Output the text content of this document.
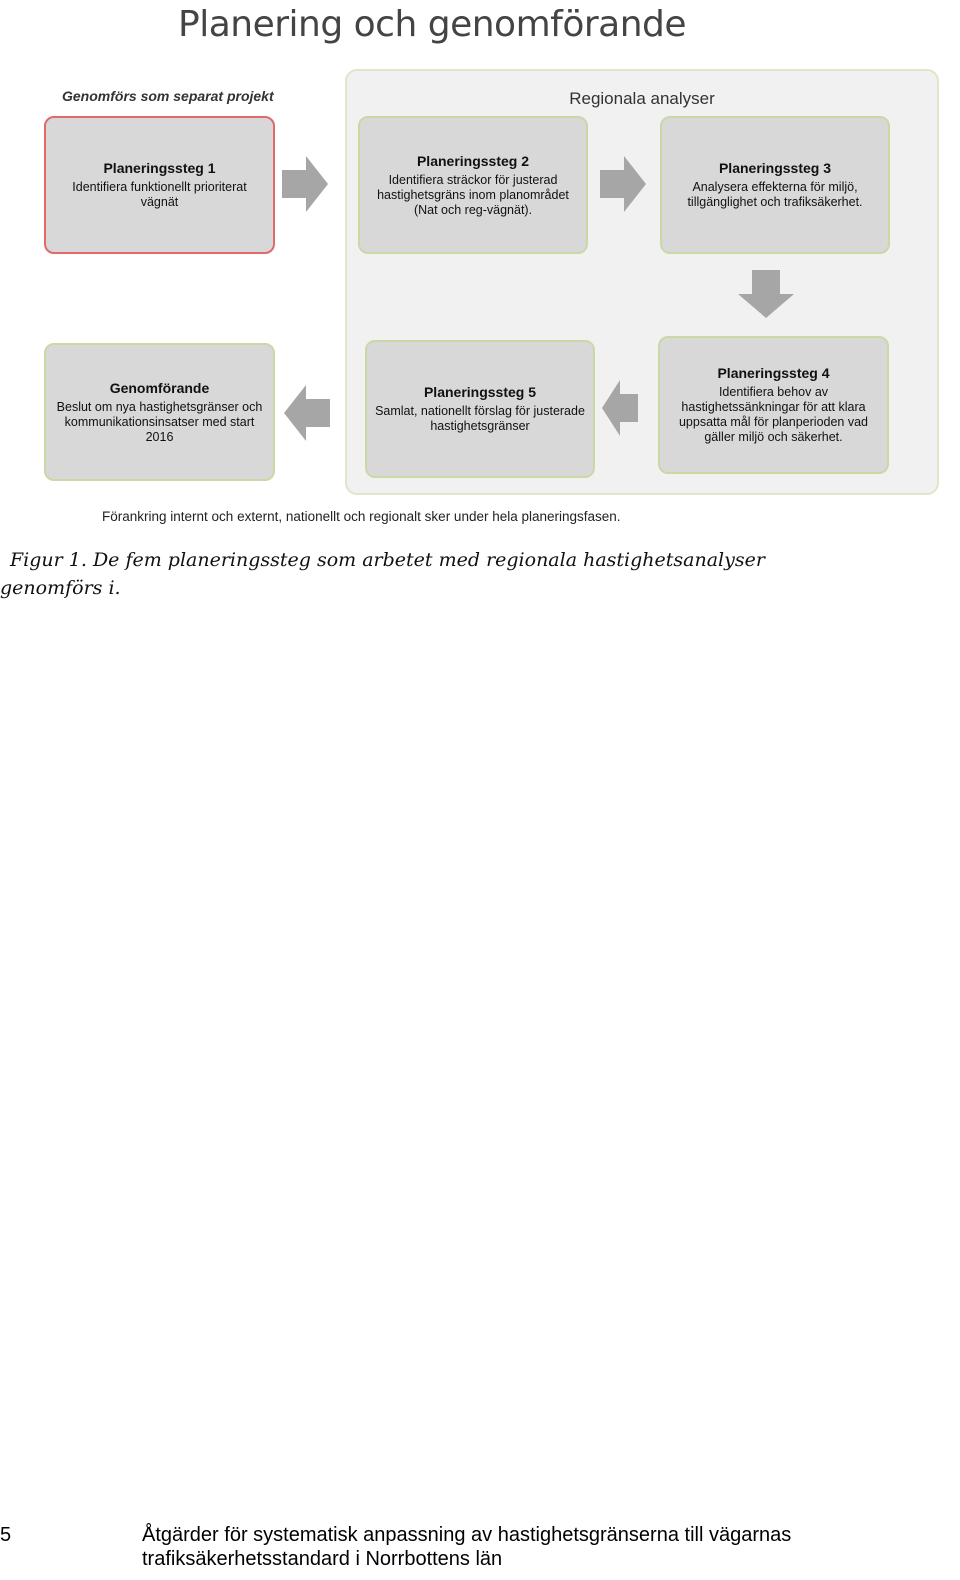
Planering och genomförande
Genomförs som separat projekt	Regionala analyser
Planeringssteg 1
Identifiera funktionellt prioriterat vägnät
Planeringssteg 2
Identifiera sträckor för justerad hastighetsgräns inom planområdet (Nat och reg-vägnät).
Planeringssteg 3
Analysera effekterna för miljö, tillgänglighet och trafiksäkerhet.
Planeringssteg 4
Identifiera behov av hastighetssänkningar för att klara uppsatta mål för planperioden vad gäller miljö och säkerhet.
Planeringssteg 5
Samlat, nationellt förslag för justerade hastighetsgränser
Genomförande
Beslut om nya hastighetsgränser och kommunikationsinsatser med start 2016
Förankring internt och externt, nationellt och regionalt sker under hela planeringsfasen.
Figur 1. De fem planeringssteg som arbetet med regionala hastighetsanalyser
genomförs i.
5	Åtgärder för systematisk anpassning av hastighetsgränserna till vägarnas
trafiksäkerhetsstandard i Norrbottens län
